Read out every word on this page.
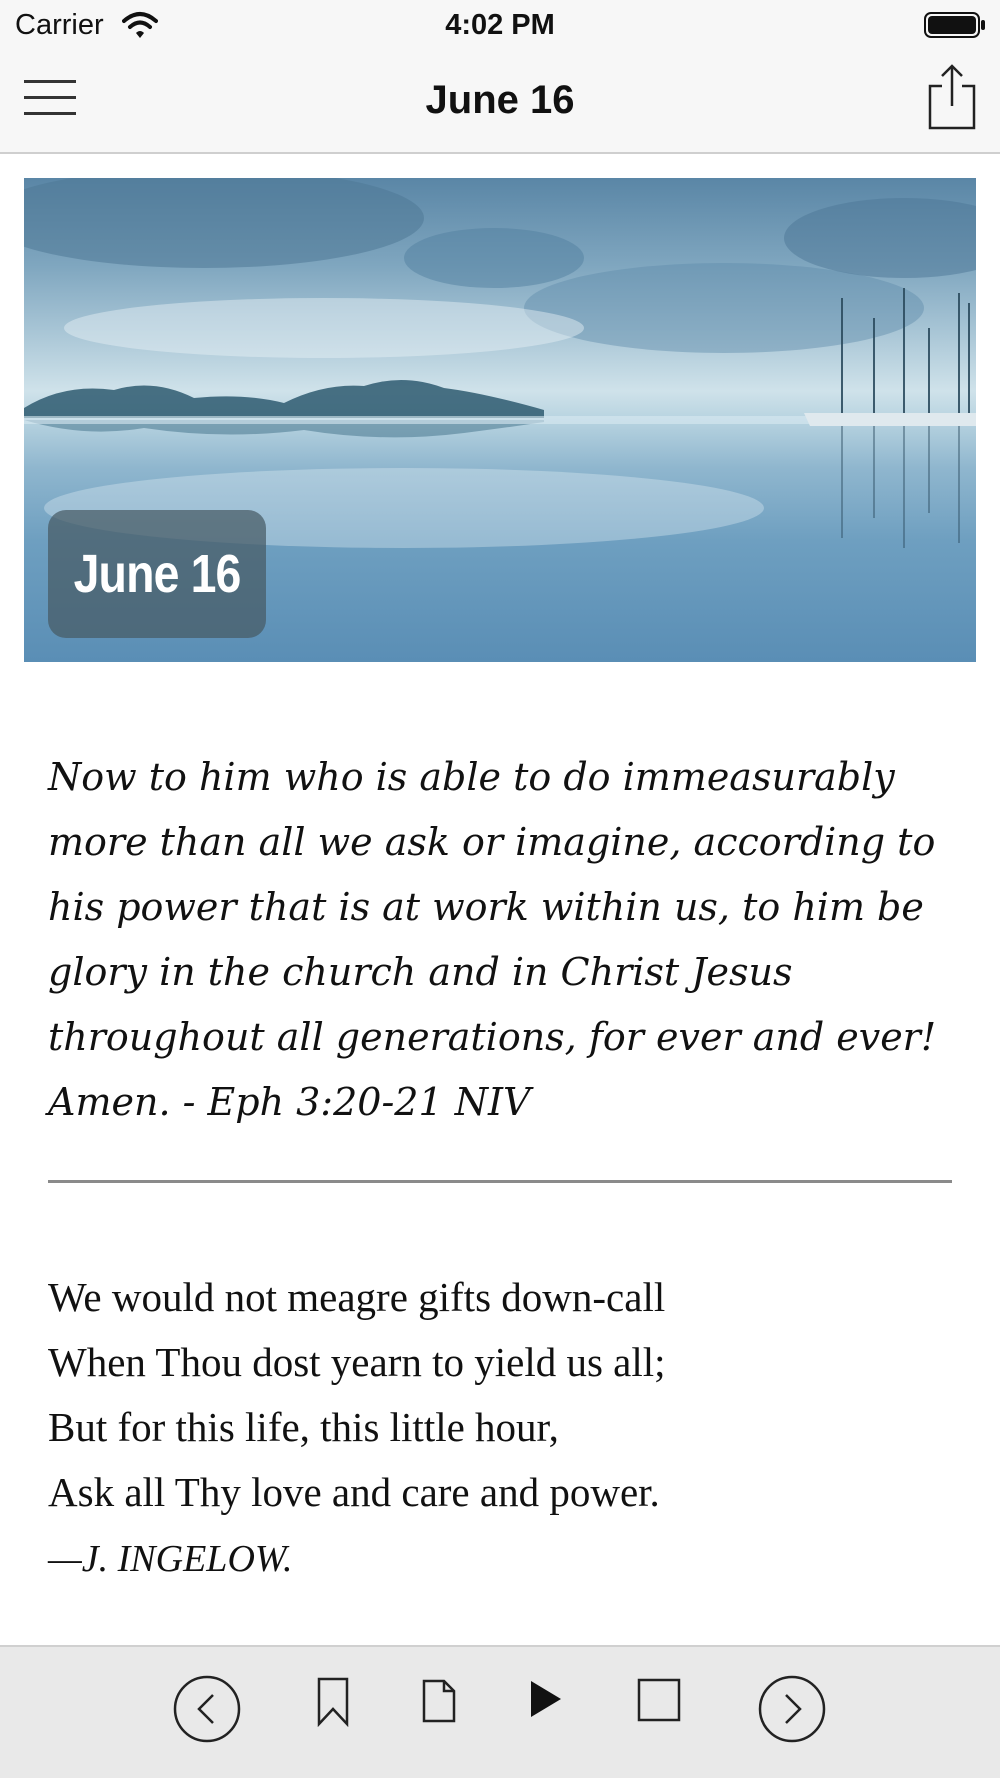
Carrier	4:02 PM
June 16
June 16
Now to him who is able to do immeasurably more than all we ask or imagine, according to his power that is at work within us, to him be glory in the church and in Christ Jesus throughout all generations, for ever and ever! Amen. - Eph 3:20-21 NIV
We would not meagre gifts down-call
When Thou dost yearn to yield us all;
But for this life, this little hour,
Ask all Thy love and care and power.
—J. INGELOW.
